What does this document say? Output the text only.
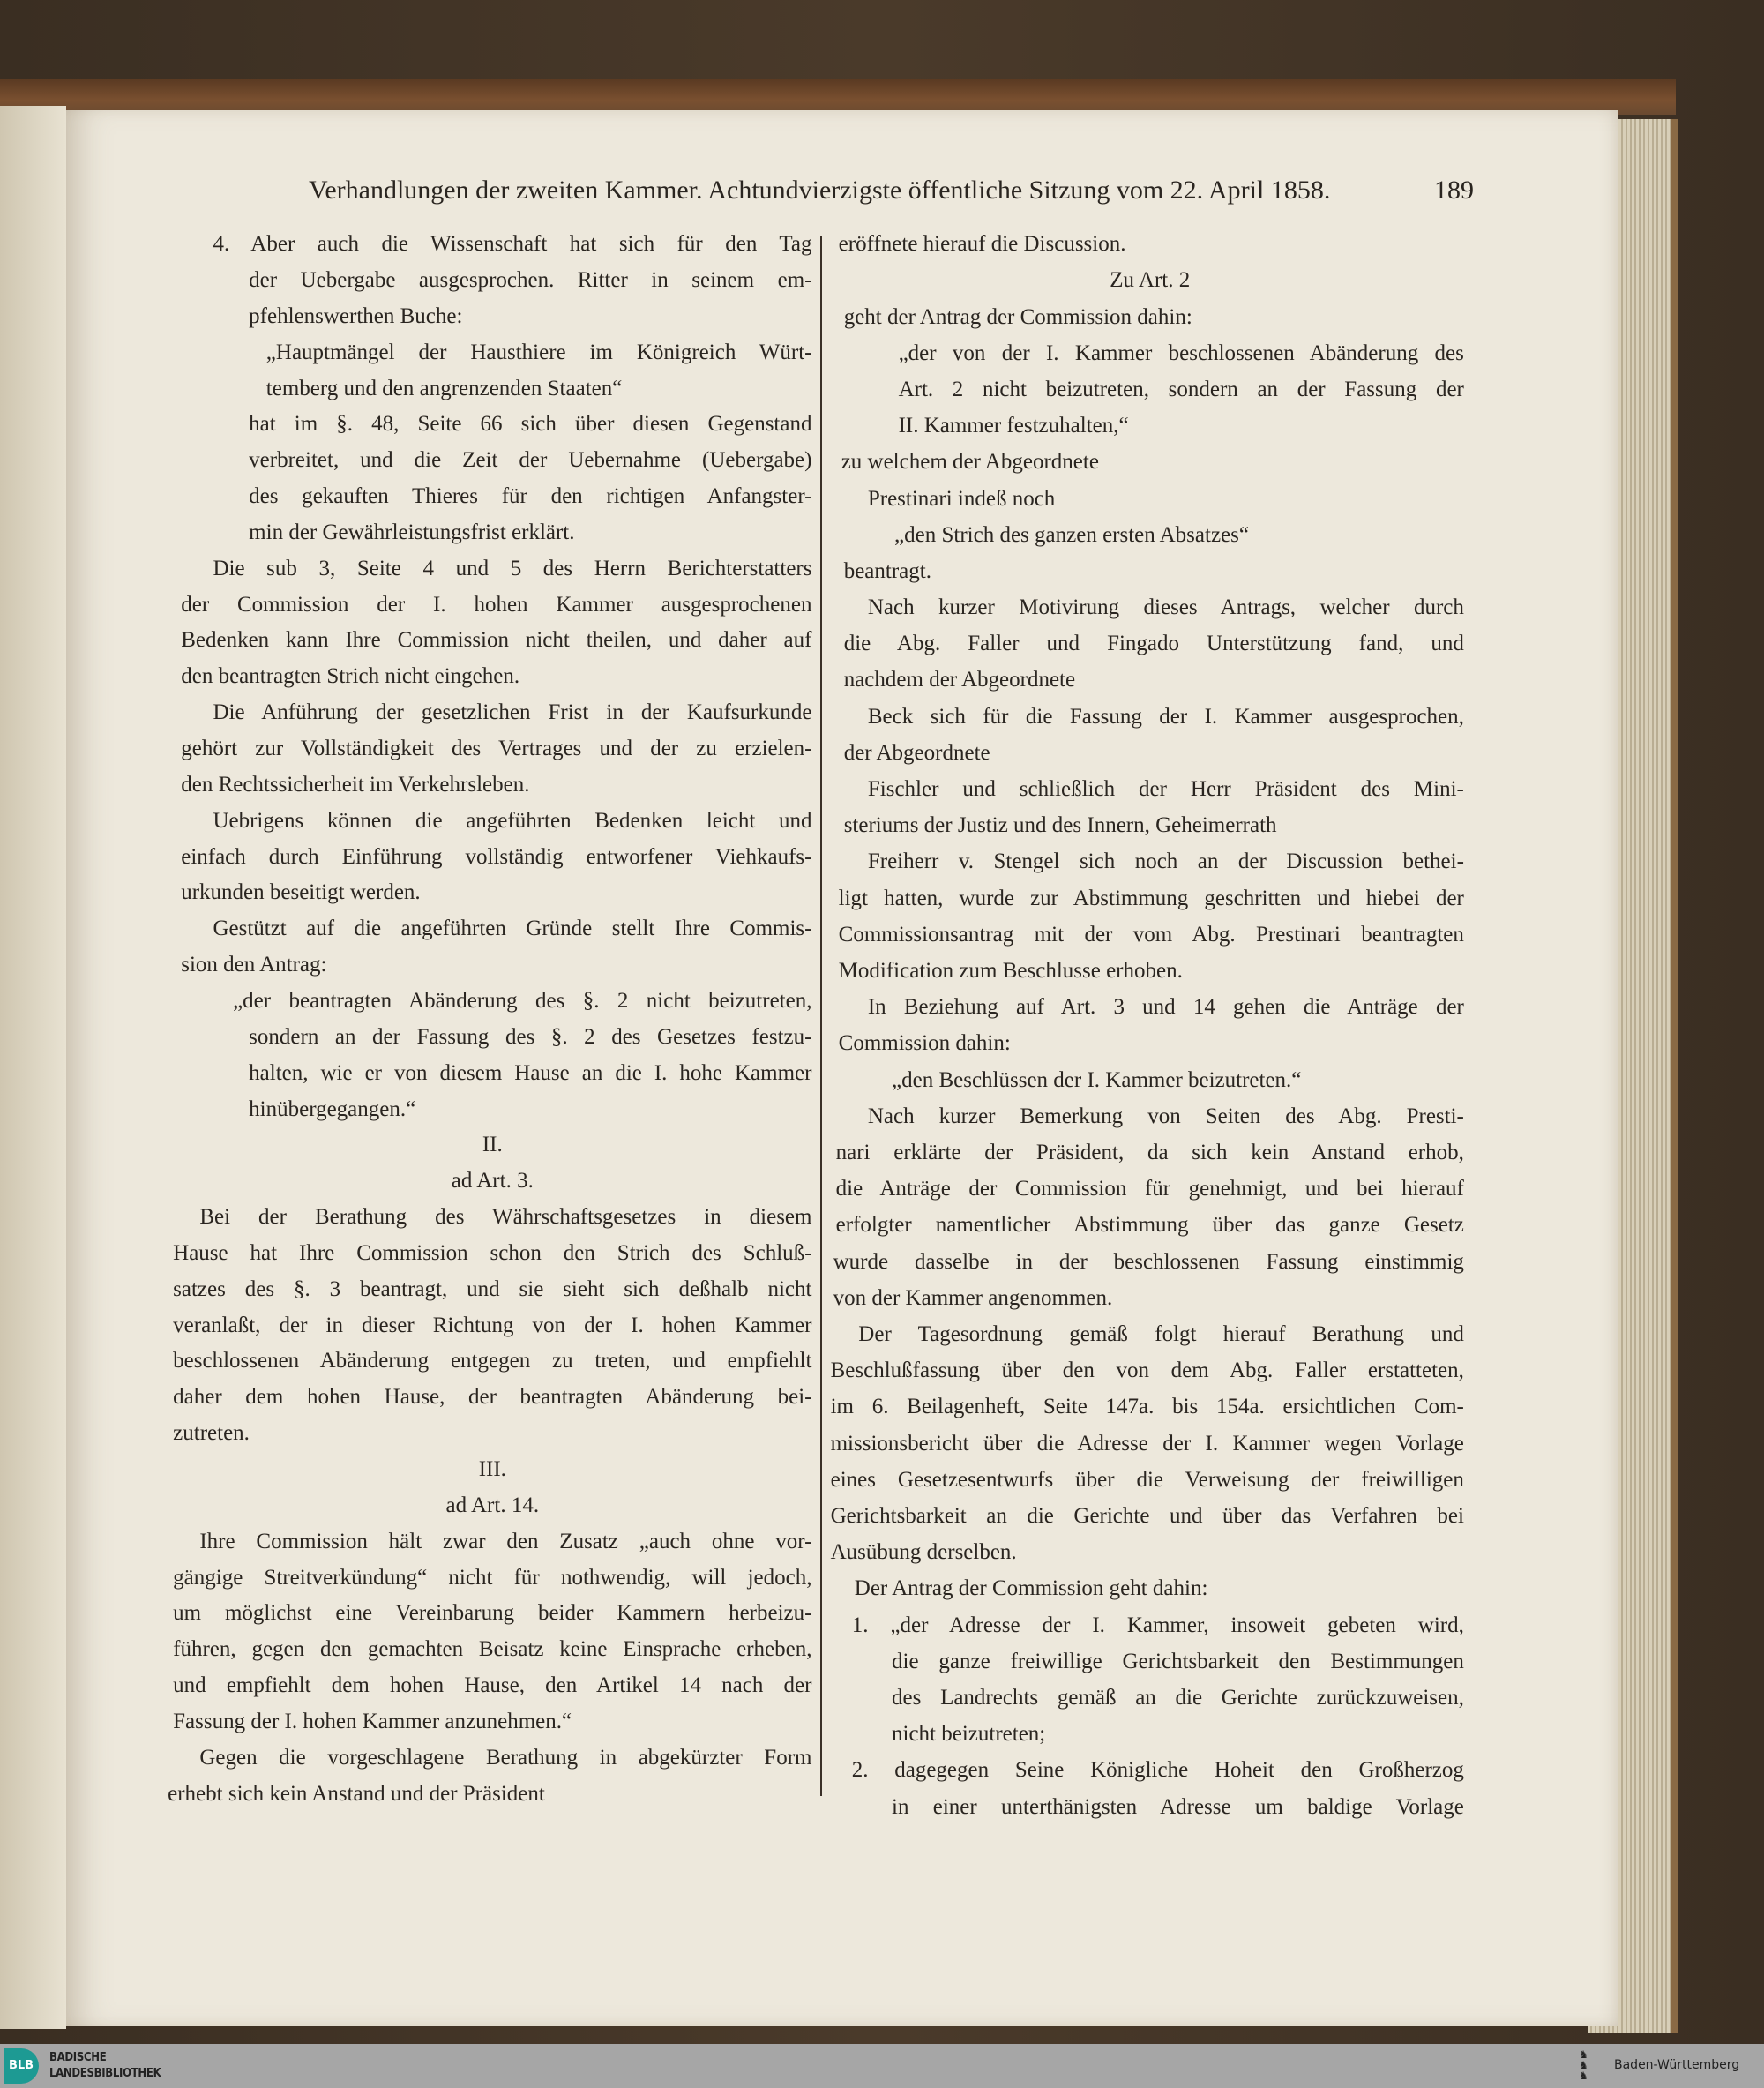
Verhandlungen der zweiten Kammer. Achtundvierzigste öffentliche Sitzung vom 22. April 1858.	189
4. Aber auch die Wissenschaft hat sich für den Tag
der Uebergabe ausgesprochen. Ritter in seinem em-
pfehlenswerthen Buche:
„Hauptmängel der Hausthiere im Königreich Würt-
temberg und den angrenzenden Staaten“
hat im §. 48, Seite 66 sich über diesen Gegenstand
verbreitet, und die Zeit der Uebernahme (Uebergabe)
des gekauften Thieres für den richtigen Anfangster-
min der Gewährleistungsfrist erklärt.
Die sub 3, Seite 4 und 5 des Herrn Berichterstatters
der Commission der I. hohen Kammer ausgesprochenen
Bedenken kann Ihre Commission nicht theilen, und daher auf
den beantragten Strich nicht eingehen.
Die Anführung der gesetzlichen Frist in der Kaufsurkunde
gehört zur Vollständigkeit des Vertrages und der zu erzielen-
den Rechtssicherheit im Verkehrsleben.
Uebrigens können die angeführten Bedenken leicht und
einfach durch Einführung vollständig entworfener Viehkaufs-
urkunden beseitigt werden.
Gestützt auf die angeführten Gründe stellt Ihre Commis-
sion den Antrag:
„der beantragten Abänderung des §. 2 nicht beizutreten,
sondern an der Fassung des §. 2 des Gesetzes festzu-
halten, wie er von diesem Hause an die I. hohe Kammer
hinübergegangen.“
II.
ad Art. 3.
Bei der Berathung des Währschaftsgesetzes in diesem
Hause hat Ihre Commission schon den Strich des Schluß-
satzes des §. 3 beantragt, und sie sieht sich deßhalb nicht
veranlaßt, der in dieser Richtung von der I. hohen Kammer
beschlossenen Abänderung entgegen zu treten, und empfiehlt
daher dem hohen Hause, der beantragten Abänderung bei-
zutreten.
III.
ad Art. 14.
Ihre Commission hält zwar den Zusatz „auch ohne vor-
gängige Streitverkündung“ nicht für nothwendig, will jedoch,
um möglichst eine Vereinbarung beider Kammern herbeizu-
führen, gegen den gemachten Beisatz keine Einsprache erheben,
und empfiehlt dem hohen Hause, den Artikel 14 nach der
Fassung der I. hohen Kammer anzunehmen.“
Gegen die vorgeschlagene Berathung in abgekürzter Form
erhebt sich kein Anstand und der Präsident
eröffnete hierauf die Discussion.
Zu Art. 2
geht der Antrag der Commission dahin:
„der von der I. Kammer beschlossenen Abänderung des
Art. 2 nicht beizutreten, sondern an der Fassung der
II. Kammer festzuhalten,“
zu welchem der Abgeordnete
Prestinari indeß noch
„den Strich des ganzen ersten Absatzes“
beantragt.
Nach kurzer Motivirung dieses Antrags, welcher durch
die Abg. Faller und Fingado Unterstützung fand, und
nachdem der Abgeordnete
Beck sich für die Fassung der I. Kammer ausgesprochen,
der Abgeordnete
Fischler und schließlich der Herr Präsident des Mini-
steriums der Justiz und des Innern, Geheimerrath
Freiherr v. Stengel sich noch an der Discussion bethei-
ligt hatten, wurde zur Abstimmung geschritten und hiebei der
Commissionsantrag mit der vom Abg. Prestinari beantragten
Modification zum Beschlusse erhoben.
In Beziehung auf Art. 3 und 14 gehen die Anträge der
Commission dahin:
„den Beschlüssen der I. Kammer beizutreten.“
Nach kurzer Bemerkung von Seiten des Abg. Presti-
nari erklärte der Präsident, da sich kein Anstand erhob,
die Anträge der Commission für genehmigt, und bei hierauf
erfolgter namentlicher Abstimmung über das ganze Gesetz
wurde dasselbe in der beschlossenen Fassung einstimmig
von der Kammer angenommen.
Der Tagesordnung gemäß folgt hierauf Berathung und
Beschlußfassung über den von dem Abg. Faller erstatteten,
im 6. Beilagenheft, Seite 147a. bis 154a. ersichtlichen Com-
missionsbericht über die Adresse der I. Kammer wegen Vorlage
eines Gesetzesentwurfs über die Verweisung der freiwilligen
Gerichtsbarkeit an die Gerichte und über das Verfahren bei
Ausübung derselben.
Der Antrag der Commission geht dahin:
1. „der Adresse der I. Kammer, insoweit gebeten wird,
die ganze freiwillige Gerichtsbarkeit den Bestimmungen
des Landrechts gemäß an die Gerichte zurückzuweisen,
nicht beizutreten;
2. dagegegen Seine Königliche Hoheit den Großherzog
in einer unterthänigsten Adresse um baldige Vorlage
BLB
BADISCHE
LANDESBIBLIOTHEK
♞
♞
♞
Baden-Württemberg
